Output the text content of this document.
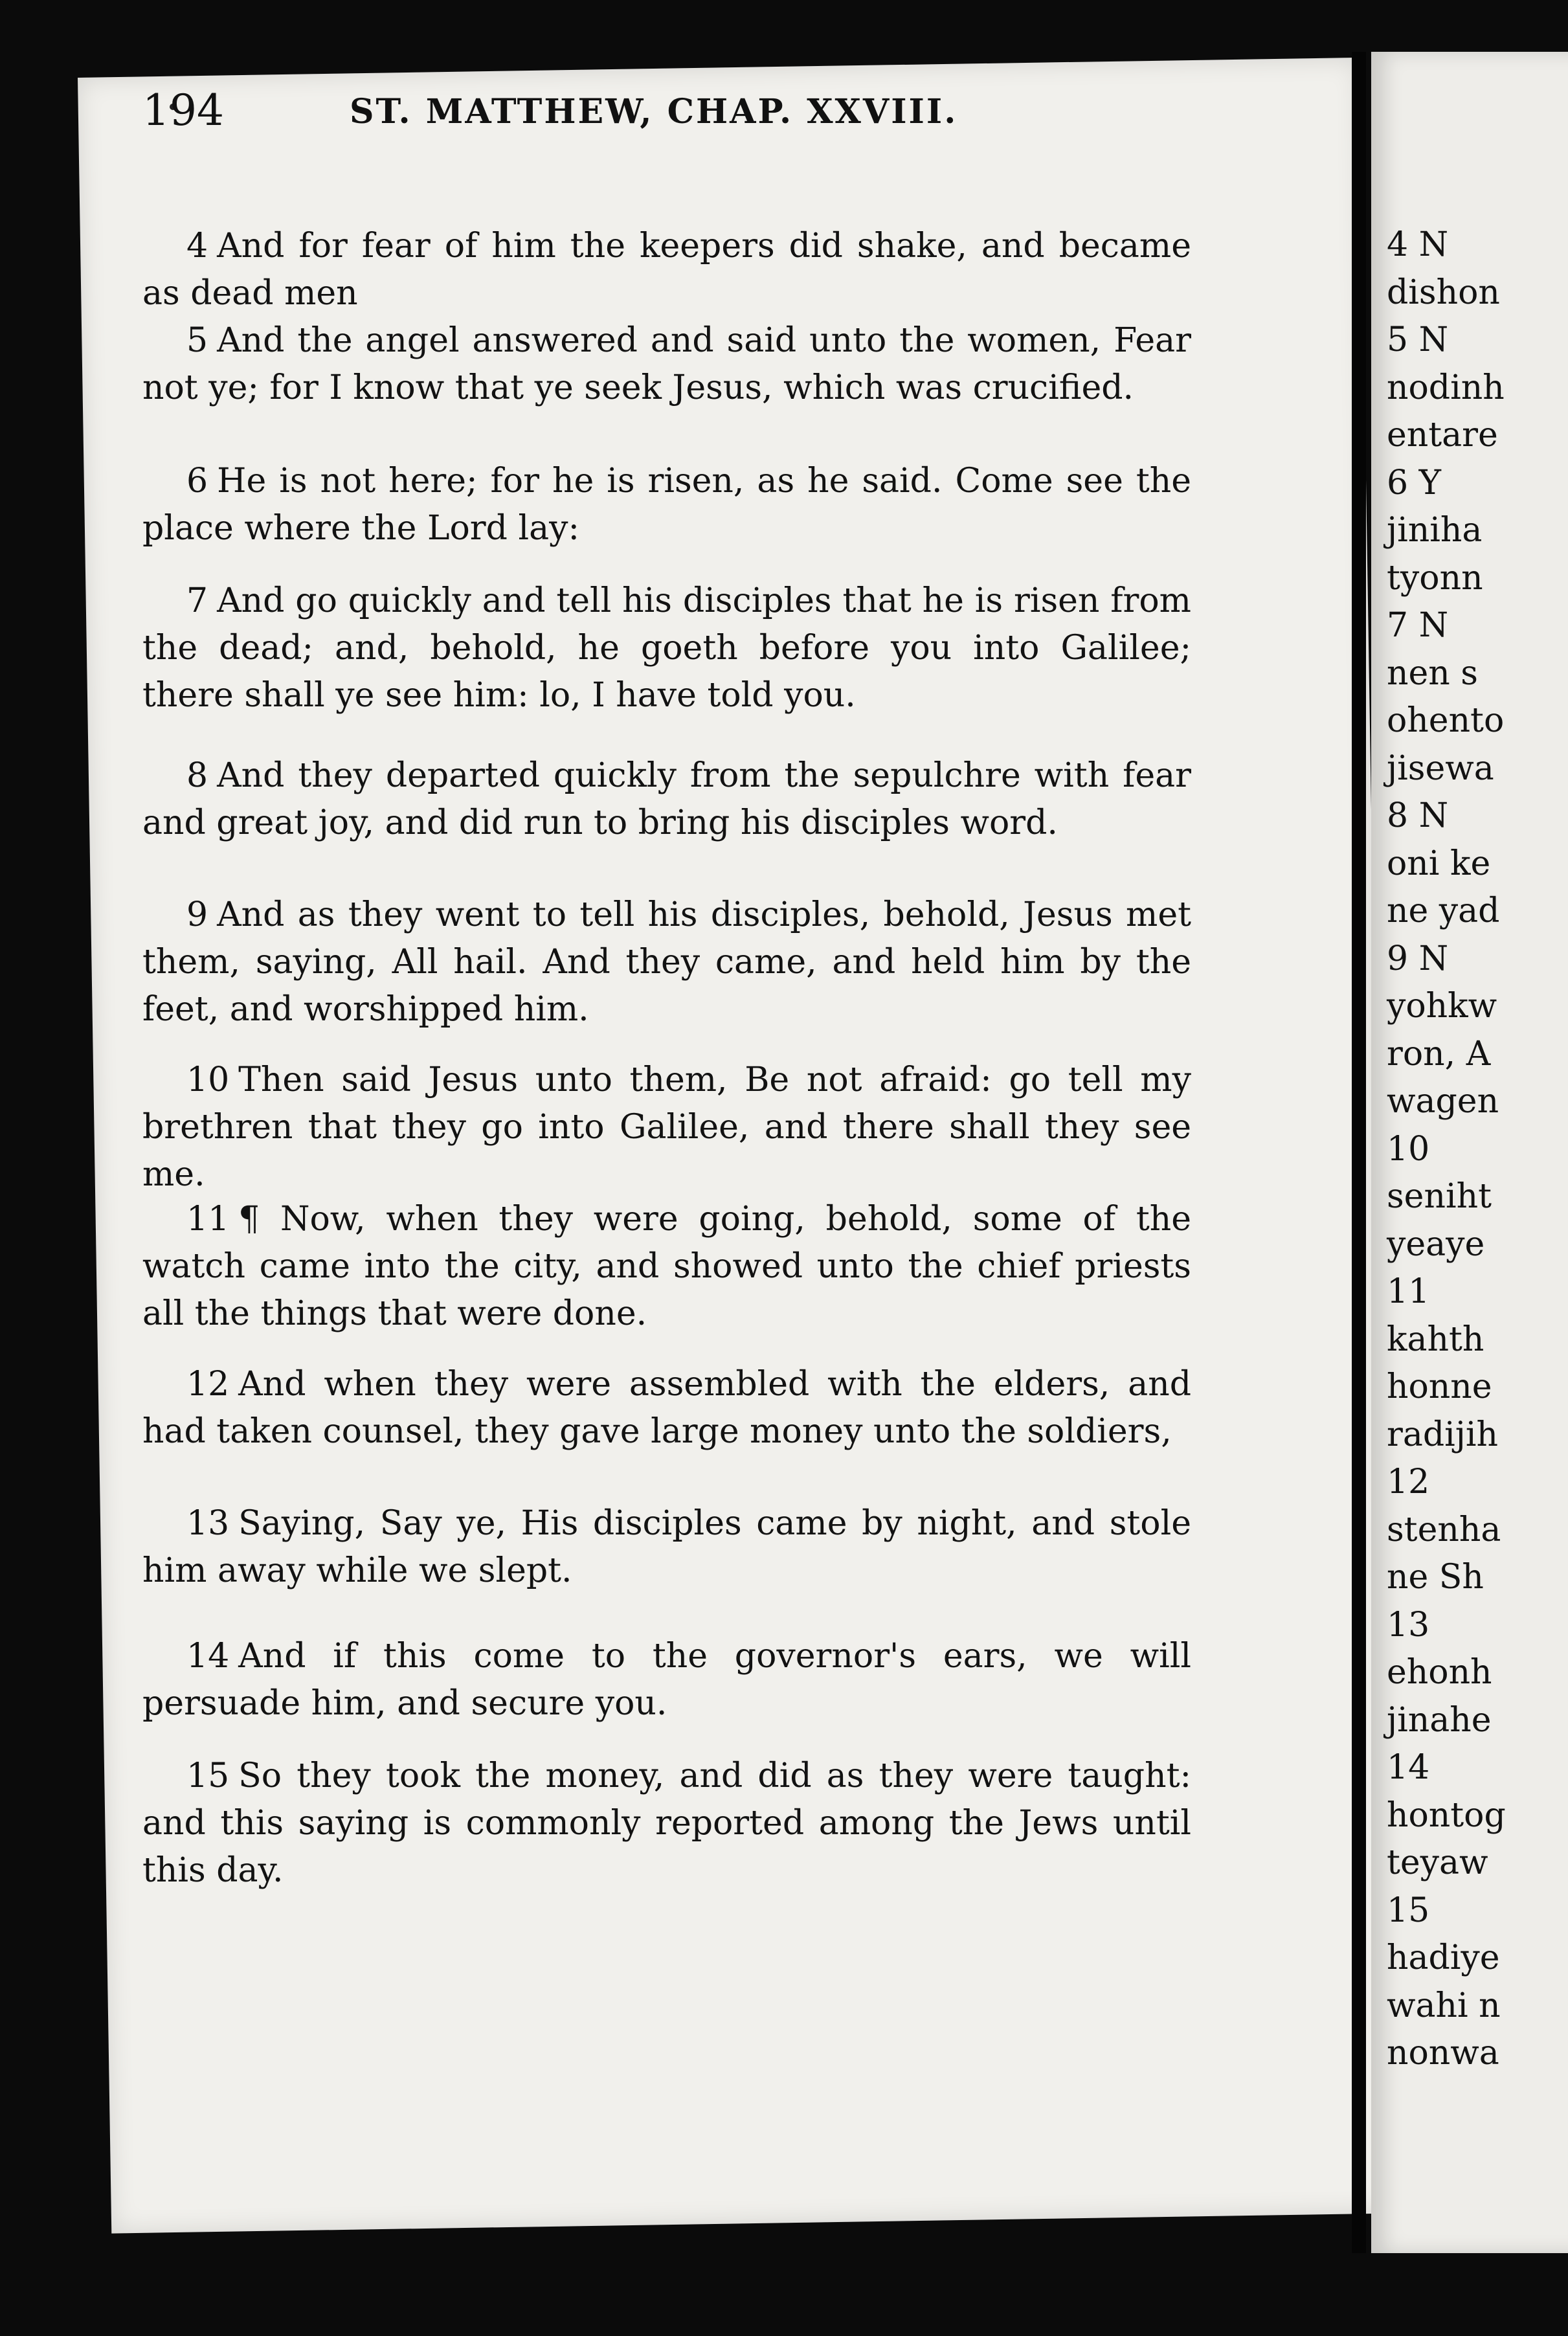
4 N
dishon
5 N
nodinh
entare
6 Y
jiniha
tyonn
7 N
nen s
ohento
jisewa
8 N
oni ke
ne yad
9 N
yohkw
ron, A
wagen
10
seniht
yeaye
11
kahth
honne
radijih
12
stenha
ne Sh
13
ehonh
jinahe
14
hontog
teyaw
15
hadiye
wahi n
nonwa
194	ST. MATTHEW, CHAP. XXVIII.
4 And for fear of him the keepers did shake, and became as dead men
5 And the angel answered and said unto the women, Fear not ye; for I know that ye seek Jesus, which was crucified.
6 He is not here; for he is risen, as he said. Come see the place where the Lord lay:
7 And go quickly and tell his disciples that he is risen from the dead; and, behold, he goeth before you into Galilee; there shall ye see him: lo, I have told you.
8 And they departed quickly from the sepulchre with fear and great joy, and did run to bring his disciples word.
9 And as they went to tell his disciples, behold, Jesus met them, saying, All hail. And they came, and held him by the feet, and worshipped him.
10 Then said Jesus unto them, Be not afraid: go tell my brethren that they go into Galilee, and there shall they see me.
11 ¶ Now, when they were going, behold, some of the watch came into the city, and showed unto the chief priests all the things that were done.
12 And when they were assembled with the elders, and had taken counsel, they gave large money unto the soldiers,
13 Saying, Say ye, His disciples came by night, and stole him away while we slept.
14 And if this come to the governor's ears, we will persuade him, and secure you.
15 So they took the money, and did as they were taught: and this saying is commonly reported among the Jews until this day.
